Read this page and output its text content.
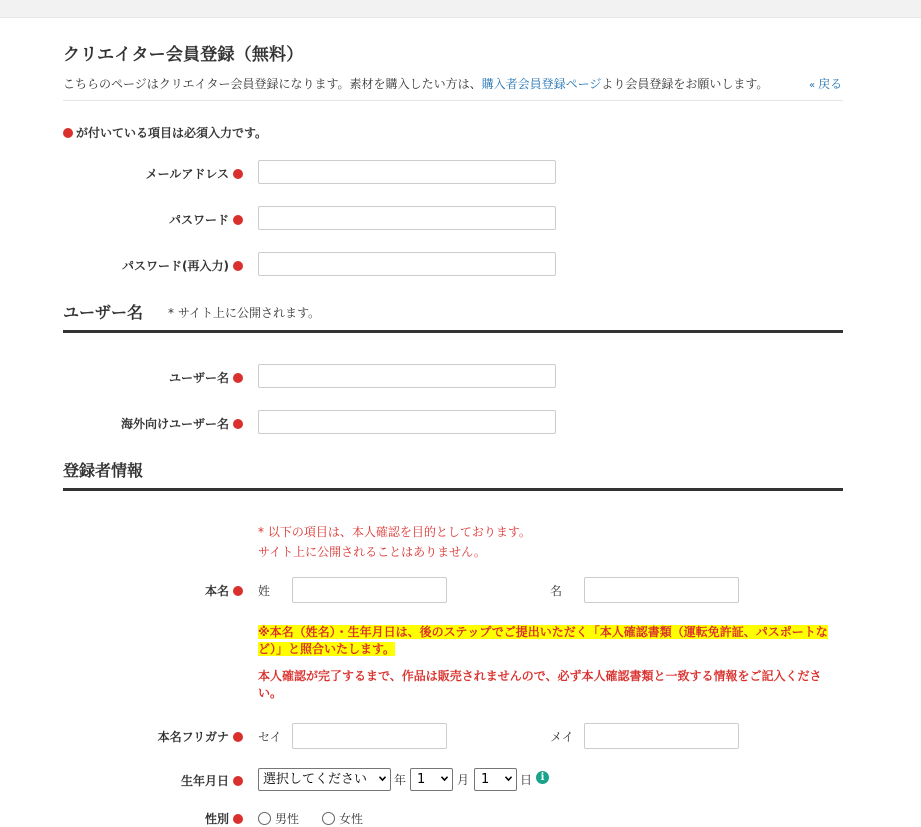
クリエイター会員登録（無料）
こちらのページはクリエイター会員登録になります。素材を購入したい方は、購入者会員登録ページより会員登録をお願いします。	« 戻る
が付いている項目は必須入力です。
メールアドレス
パスワード
パスワード(再入力)
ユーザー名 * サイト上に公開されます。
ユーザー名
海外向けユーザー名
登録者情報
* 以下の項目は、本人確認を目的としております。
サイト上に公開されることはありません。
本名	姓	名
※本名（姓名）・生年月日は、後のステップでご提出いただく「本人確認書類（運転免許証、パスポートなど）」と照合いたします。
本人確認が完了するまで、作品は販売されませんので、必ず本人確認書類と一致する情報をご記入ください。
本名フリガナ	セイ	メイ
生年月日	選択してください	年 1	月 1	日 i
性別	男性	女性
